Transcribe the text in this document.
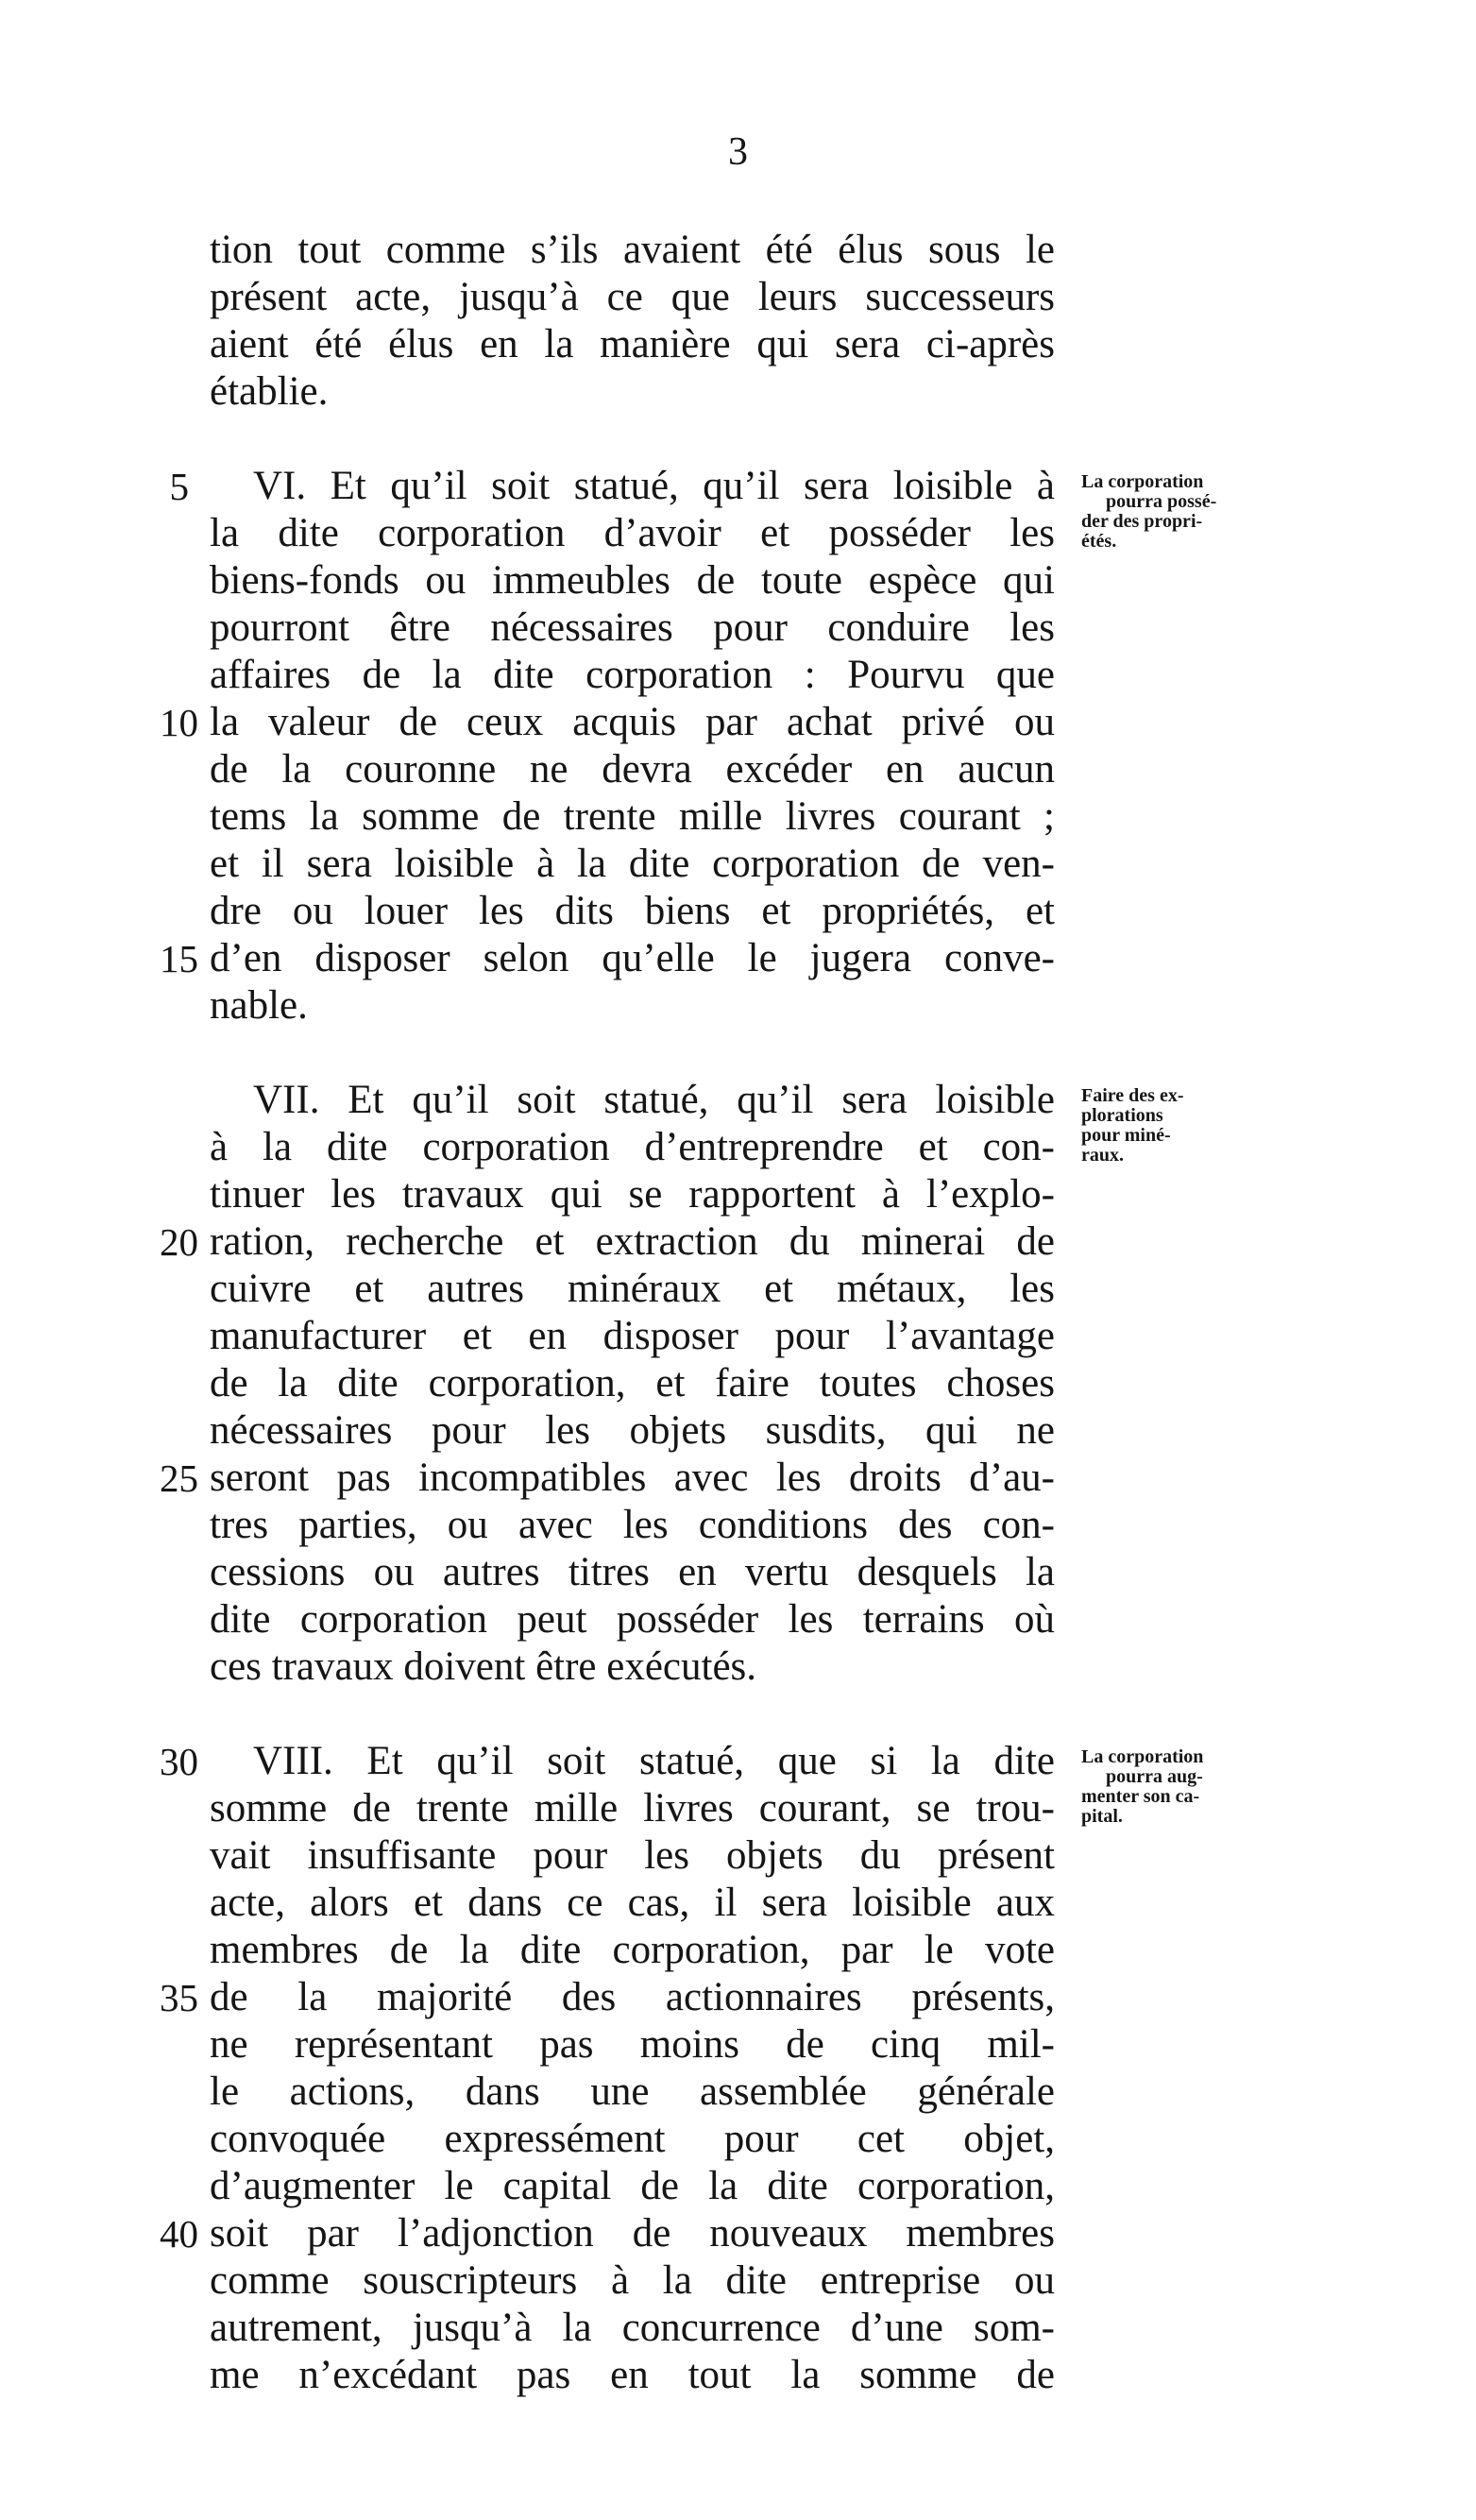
3
tion tout comme s’ils avaient été élus sous le
présent acte, jusqu’à ce que leurs successeurs
aient été élus en la manière qui sera ci-après
établie.
VI. Et qu’il soit statué, qu’il sera loisible à
la dite corporation d’avoir et posséder les
biens-fonds ou immeubles de toute espèce qui
pourront être nécessaires pour conduire les
affaires de la dite corporation : Pourvu que
la valeur de ceux acquis par achat privé ou
de la couronne ne devra excéder en aucun
tems la somme de trente mille livres courant ;
et il sera loisible à la dite corporation de ven-
dre ou louer les dits biens et propriétés, et
d’en disposer selon qu’elle le jugera conve-
nable.
VII. Et qu’il soit statué, qu’il sera loisible
à la dite corporation d’entreprendre et con-
tinuer les travaux qui se rapportent à l’explo-
ration, recherche et extraction du minerai de
cuivre et autres minéraux et métaux, les
manufacturer et en disposer pour l’avantage
de la dite corporation, et faire toutes choses
nécessaires pour les objets susdits, qui ne
seront pas incompatibles avec les droits d’au-
tres parties, ou avec les conditions des con-
cessions ou autres titres en vertu desquels la
dite corporation peut posséder les terrains où
ces travaux doivent être exécutés.
VIII. Et qu’il soit statué, que si la dite
somme de trente mille livres courant, se trou-
vait insuffisante pour les objets du présent
acte, alors et dans ce cas, il sera loisible aux
membres de la dite corporation, par le vote
de la majorité des actionnaires présents,
ne représentant pas moins de cinq mil-
le actions, dans une assemblée générale
convoquée expressément pour cet objet,
d’augmenter le capital de la dite corporation,
soit par l’adjonction de nouveaux membres
comme souscripteurs à la dite entreprise ou
autrement, jusqu’à la concurrence d’une som-
me n’excédant pas en tout la somme de
5
10
15
20
25
30
35
40
La corporation
pourra possé-
der des propri-
étés.
Faire des ex-
plorations
pour miné-
raux.
La corporation
pourra aug-
menter son ca-
pital.
